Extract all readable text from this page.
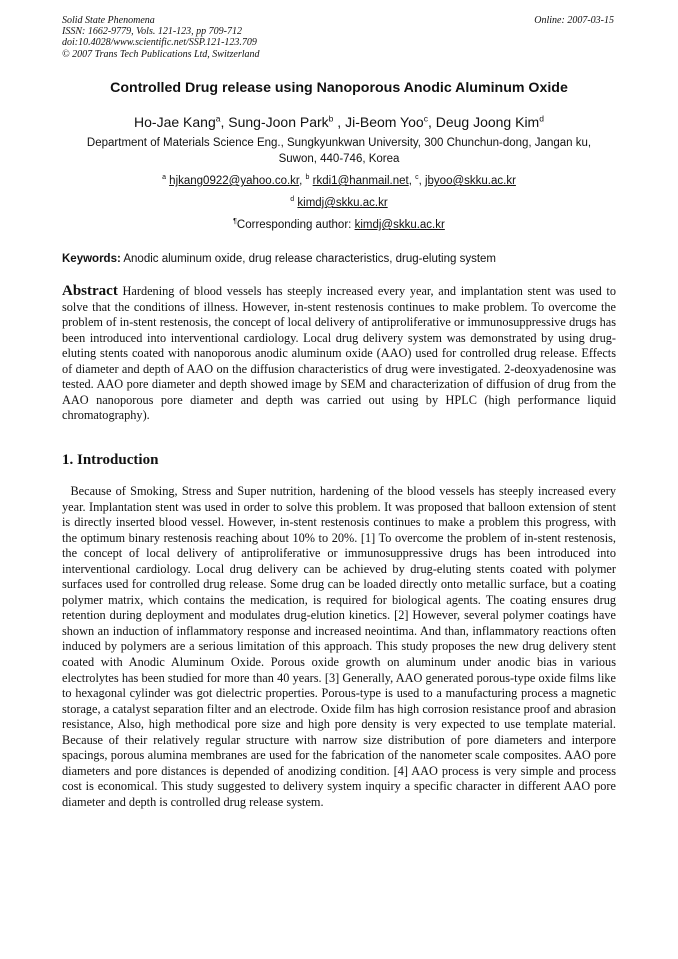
Solid State Phenomena
ISSN: 1662-9779, Vols. 121-123, pp 709-712
doi:10.4028/www.scientific.net/SSP.121-123.709
© 2007 Trans Tech Publications Ltd, Switzerland
Online: 2007-03-15
Controlled Drug release using Nanoporous Anodic Aluminum Oxide
Ho-Jae Kang$^a$, Sung-Joon Park$^b$ , Ji-Beom Yoo$^c$, Deug Joong Kim$^d$
Department of Materials Science Eng., Sungkyunkwan University, 300 Chunchun-dong, Jangan ku,
Suwon, 440-746, Korea
$^a$ hjkang0922@yahoo.co.kr, $^b$ rkdi1@hanmail.net, $^c$, jbyoo@skku.ac.kr
$^d$ kimdj@skku.ac.kr
¶Corresponding author: kimdj@skku.ac.kr
Keywords: Anodic aluminum oxide, drug release characteristics, drug-eluting system

Abstract Hardening of blood vessels has steeply increased every year, and implantation stent was used to solve that the conditions of illness. However, in-stent restenosis continues to make problem. To overcome the problem of in-stent restenosis, the concept of local delivery of antiproliferative or immunosuppressive drugs has been introduced into interventional cardiology. Local drug delivery system was demonstrated by using drug-eluting stents coated with nanoporous anodic aluminum oxide (AAO) used for controlled drug release. Effects of diameter and depth of AAO on the diffusion characteristics of drug were investigated. 2-deoxyadenosine was tested. AAO pore diameter and depth showed image by SEM and characterization of diffusion of drug from the AAO nanoporous pore diameter and depth was carried out using by HPLC (high performance liquid chromatography).

1. Introduction

Because of Smoking, Stress and Super nutrition, hardening of the blood vessels has steeply increased every year. Implantation stent was used in order to solve this problem. It was proposed that balloon extension of stent is directly inserted blood vessel. However, in-stent restenosis continues to make a problem this progress, with the optimum binary restenosis reaching about 10% to 20%. [1] To overcome the problem of in-stent restenosis, the concept of local delivery of antiproliferative or immunosuppressive drugs has been introduced into interventional cardiology. Local drug delivery can be achieved by drug-eluting stents coated with polymer surfaces used for controlled drug release. Some drug can be loaded directly onto metallic surface, but a coating polymer matrix, which contains the medication, is required for biological agents. The coating ensures drug retention during deployment and modulates drug-elution kinetics. [2] However, several polymer coatings have shown an induction of inflammatory response and increased neointima. And than, inflammatory reactions often induced by polymers are a serious limitation of this approach. This study proposes the new drug delivery stent coated with Anodic Aluminum Oxide. Porous oxide growth on aluminum under anodic bias in various electrolytes has been studied for more than 40 years. [3] Generally, AAO generated porous-type oxide films like to hexagonal cylinder was got dielectric properties. Porous-type is used to a manufacturing process a magnetic storage, a catalyst separation filter and an electrode. Oxide film has high corrosion resistance proof and abrasion resistance, Also, high methodical pore size and high pore density is very expected to use template material. Because of their relatively regular structure with narrow size distribution of pore diameters and interpore spacings, porous alumina membranes are used for the fabrication of the nanometer scale composites. AAO pore diameters and pore distances is depended of anodizing condition. [4] AAO process is very simple and process cost is economical. This study suggested to delivery system inquiry a specific character in different AAO pore diameter and depth is controlled drug release system.
